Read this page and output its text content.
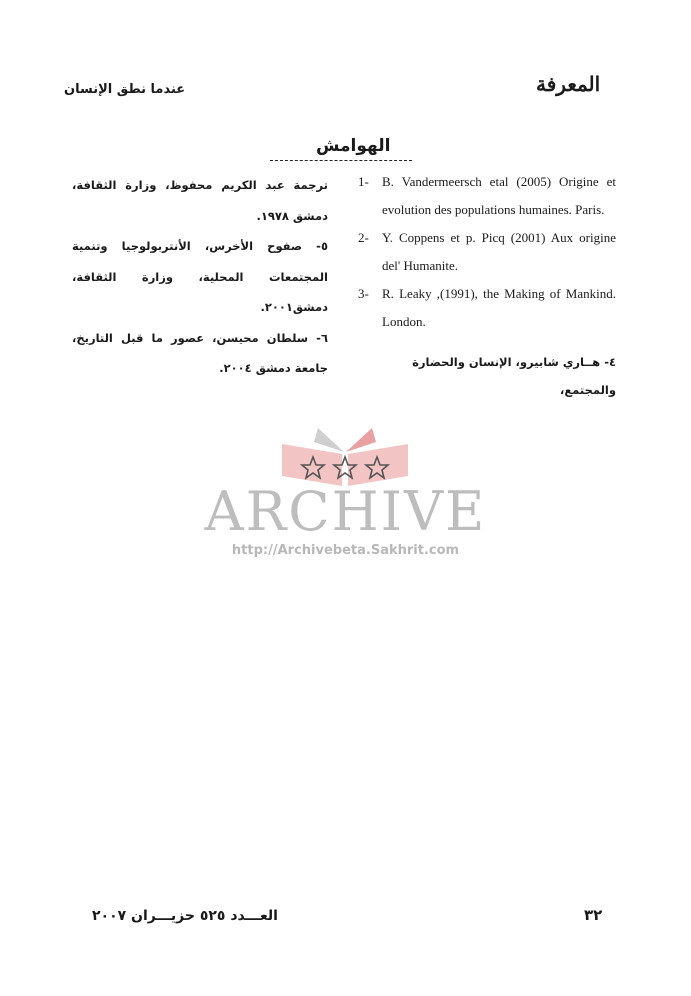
عندما نطق الإنسان	المعرفة
الهوامش

1- B. Vandermeersch etal (2005) Origine et evolution des populations humaines. Paris.

2- Y. Coppens et p. Picq (2001) Aux origine del' Humanite.

3- R. Leaky ,(1991), the Making of Mankind. London.

٤- هــاري شابيرو، الإنسان والحضارة والمجتمع،

ترجمة عبد الكريم محفوظ، وزارة الثقافة، دمشق ١٩٧٨.

٥- صفوح الأخرس، الأنتربولوجيا وتنمية المجتمعات المحلية، وزارة الثقافة، دمشق٢٠٠١.

٦- سلطان محيسن، عصور ما قبل التاريخ، جامعة دمشق ٢٠٠٤.

ARCHIVE
http://Archivebeta.Sakhrit.com
العـــدد ٥٢٥ حزيـــران ٢٠٠٧	٣٢
